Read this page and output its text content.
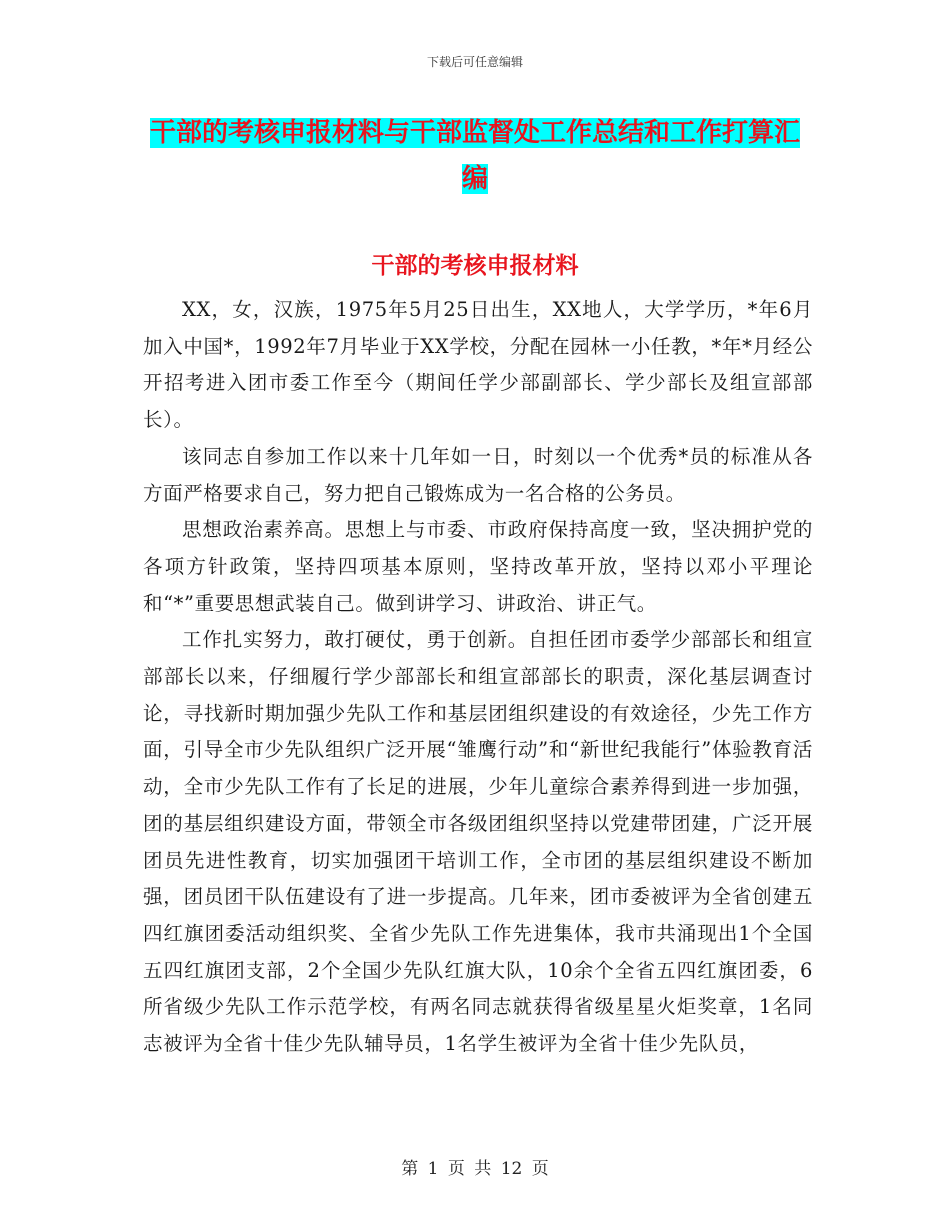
下载后可任意编辑
干部的考核申报材料与干部监督处工作总结和工作打算汇编
干部的考核申报材料

XX，女，汉族，1975年5月25日出生，XX地人，大学学历，*年6月加入中国*，1992年7月毕业于XX学校，分配在园林一小任教，*年*月经公开招考进入团市委工作至今（期间任学少部副部长、学少部长及组宣部部长）。

该同志自参加工作以来十几年如一日，时刻以一个优秀*员的标准从各方面严格要求自己，努力把自己锻炼成为一名合格的公务员。

思想政治素养高。思想上与市委、市政府保持高度一致，坚决拥护党的各项方针政策，坚持四项基本原则，坚持改革开放，坚持以邓小平理论和“*”重要思想武装自己。做到讲学习、讲政治、讲正气。

工作扎实努力，敢打硬仗，勇于创新。自担任团市委学少部部长和组宣部部长以来，仔细履行学少部部长和组宣部部长的职责，深化基层调查讨论，寻找新时期加强少先队工作和基层团组织建设的有效途径，少先工作方面，引导全市少先队组织广泛开展“雏鹰行动”和“新世纪我能行”体验教育活动，全市少先队工作有了长足的进展，少年儿童综合素养得到进一步加强，团的基层组织建设方面，带领全市各级团组织坚持以党建带团建，广泛开展团员先进性教育，切实加强团干培训工作，全市团的基层组织建设不断加强，团员团干队伍建设有了进一步提高。几年来，团市委被评为全省创建五四红旗团委活动组织奖、全省少先队工作先进集体，我市共涌现出1个全国五四红旗团支部，2个全国少先队红旗大队，10余个全省五四红旗团委，6所省级少先队工作示范学校，有两名同志就获得省级星星火炬奖章，1名同志被评为全省十佳少先队辅导员，1名学生被评为全省十佳少先队员，

第 1 页 共 12 页
